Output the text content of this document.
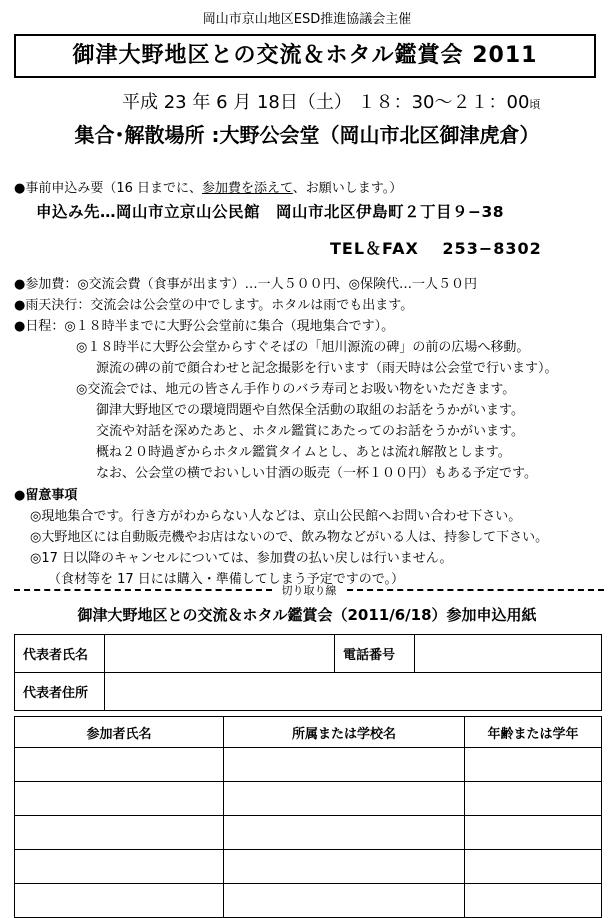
岡山市京山地区ESD推進協議会主催
御津大野地区との交流＆ホタル鑑賞会 2011
平成 23 年 6 月 18日（土） １８：30～２１：00頃
集合･解散場所 :大野公会堂（岡山市北区御津虎倉）
●事前申込み要（16 日までに、参加費を添えて、お願いします。）
申込み先…岡山市立京山公民館　岡山市北区伊島町２丁目９−38
TEL＆FAX　 253−8302
●参加費：◎交流会費（食事が出ます）…一人５００円、◎保険代…一人５０円
●雨天決行：交流会は公会堂の中でします。ホタルは雨でも出ます。
●日程：◎１８時半までに大野公会堂前に集合（現地集合です）。
◎１８時半に大野公会堂からすぐそばの「旭川源流の碑」の前の広場へ移動。
源流の碑の前で顔合わせと記念撮影を行います（雨天時は公会堂で行います）。
◎交流会では、地元の皆さん手作りのバラ寿司とお吸い物をいただきます。
御津大野地区での環境問題や自然保全活動の取組のお話をうかがいます。
交流や対話を深めたあと、ホタル鑑賞にあたってのお話をうかがいます。
概ね２０時過ぎからホタル鑑賞タイムとし、あとは流れ解散とします。
なお、公会堂の横でおいしい甘酒の販売（一杯１００円）もある予定です。
●留意事項
◎現地集合です。行き方がわからない人などは、京山公民館へお問い合わせ下さい。
◎大野地区には自動販売機やお店はないので、飲み物などがいる人は、持参して下さい。
◎17 日以降のキャンセルについては、参加費の払い戻しは行いません。
（食材等を 17 日には購入・準備してしまう予定ですので。）
切り取り線
御津大野地区との交流＆ホタル鑑賞会（2011/6/18）参加申込用紙
代表者氏名		電話番号	
代表者住所			
参加者氏名	所属または学校名	年齢または学年
